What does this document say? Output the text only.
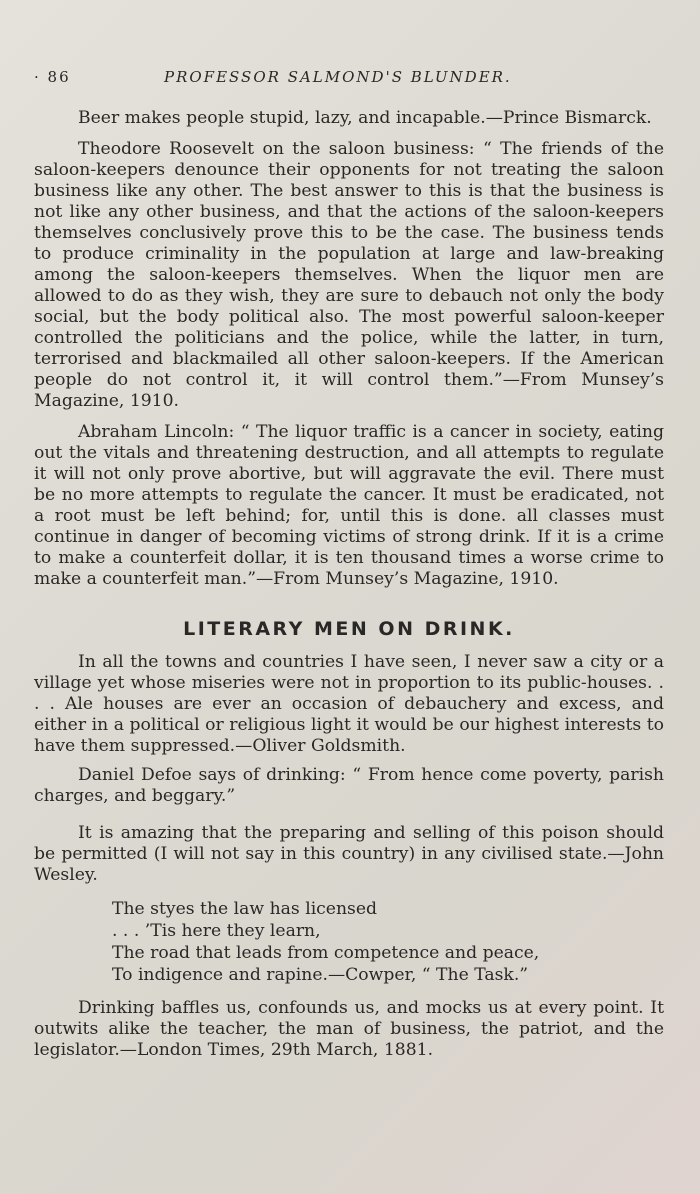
· 86	PROFESSOR SALMOND'S BLUNDER.

Beer makes people stupid, lazy, and incapable.—Prince Bismarck.

Theodore Roosevelt on the saloon business: “ The friends of the saloon-keepers denounce their opponents for not treating the saloon business like any other. The best answer to this is that the business is not like any other business, and that the actions of the saloon-keepers themselves conclusively prove this to be the case. The business tends to produce criminality in the population at large and law-breaking among the saloon-keepers themselves. When the liquor men are allowed to do as they wish, they are sure to debauch not only the body social, but the body political also. The most powerful saloon-keeper controlled the politicians and the police, while the latter, in turn, terrorised and blackmailed all other saloon-keepers. If the American people do not control it, it will control them.”—From Munsey’s Magazine, 1910.

Abraham Lincoln: “ The liquor traffic is a cancer in society, eating out the vitals and threatening destruction, and all attempts to regulate it will not only prove abortive, but will aggravate the evil. There must be no more attempts to regulate the cancer. It must be eradicated, not a root must be left behind; for, until this is done. all classes must continue in danger of becoming victims of strong drink. If it is a crime to make a counterfeit dollar, it is ten thousand times a worse crime to make a counterfeit man.”—From Munsey’s Magazine, 1910.

LITERARY MEN ON DRINK.

In all the towns and countries I have seen, I never saw a city or a village yet whose miseries were not in proportion to its public-houses. . . . Ale houses are ever an occasion of debauchery and excess, and either in a political or religious light it would be our highest interests to have them suppressed.—Oliver Goldsmith.

Daniel Defoe says of drinking: “ From hence come poverty, parish charges, and beggary.”

It is amazing that the preparing and selling of this poison should be permitted (I will not say in this country) in any civilised state.—John Wesley.

The styes the law has licensed
. . . ’Tis here they learn,
The road that leads from competence and peace,
To indigence and rapine.—Cowper, “ The Task.”

Drinking baffles us, confounds us, and mocks us at every point. It outwits alike the teacher, the man of business, the patriot, and the legislator.—London Times, 29th March, 1881.
